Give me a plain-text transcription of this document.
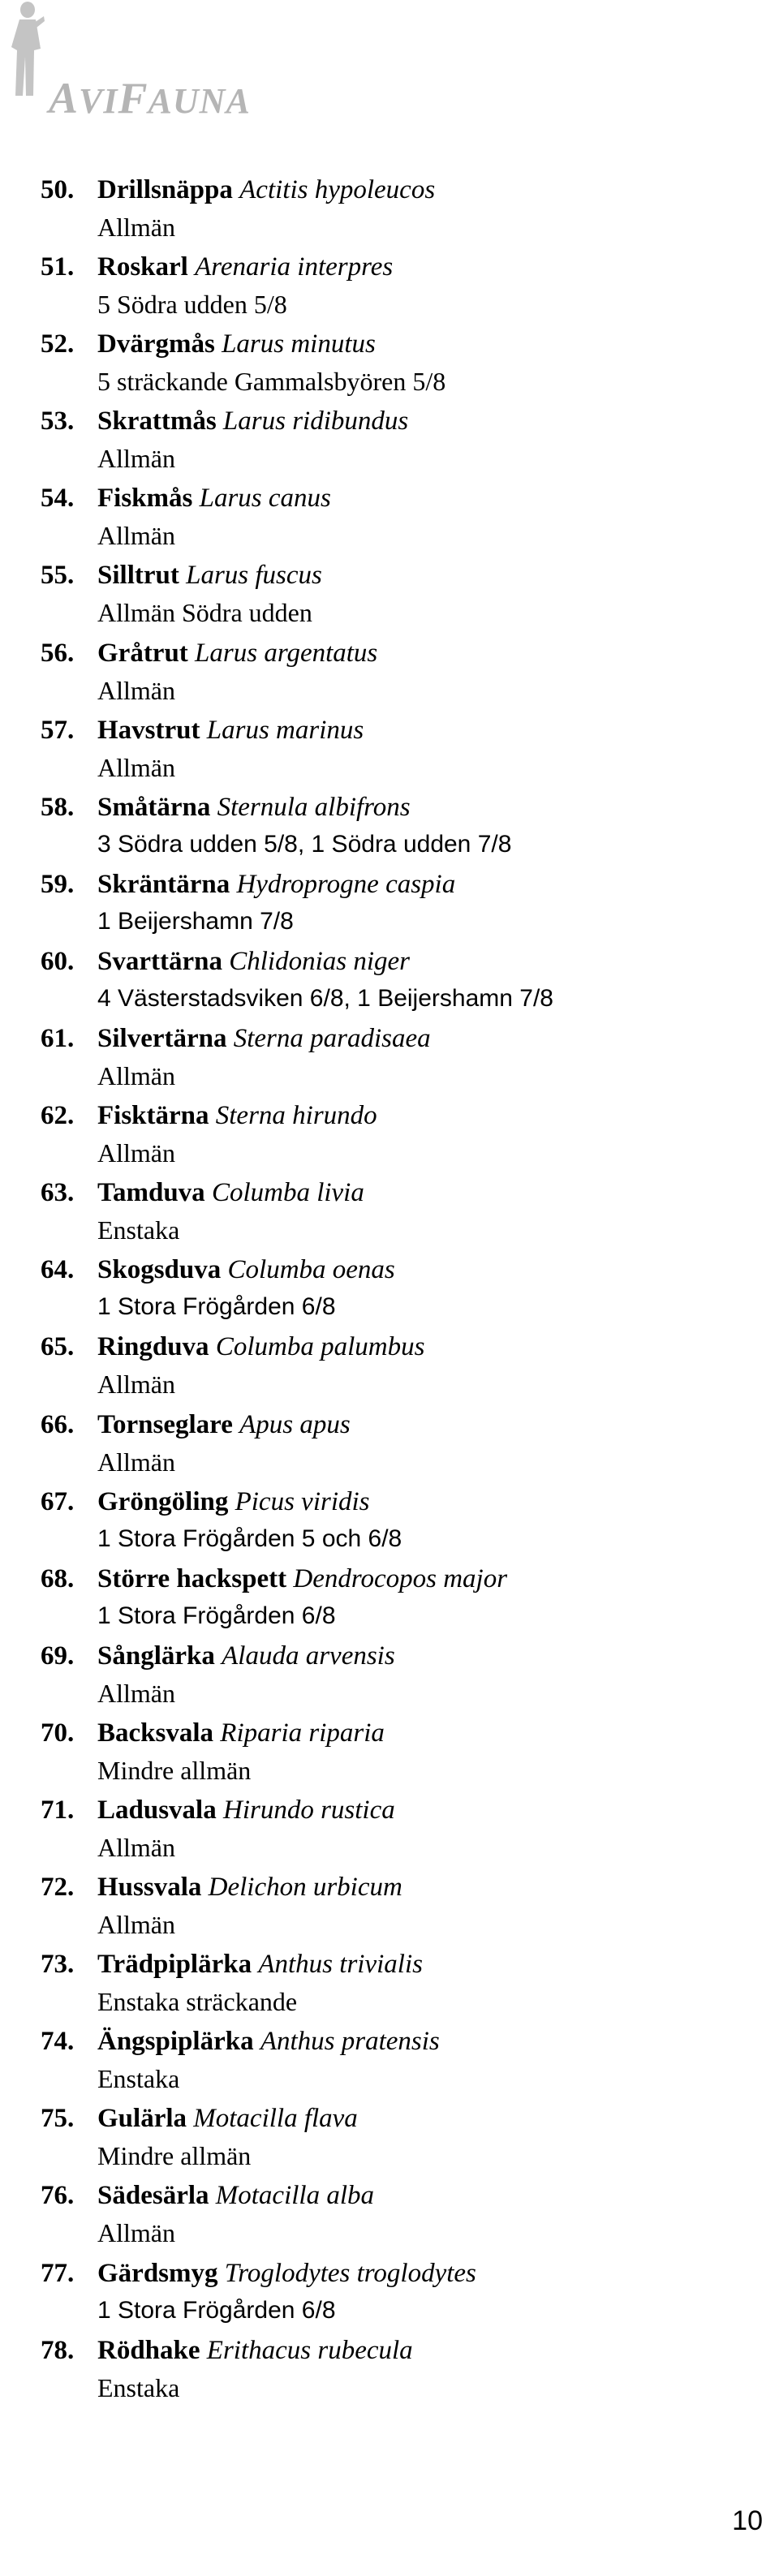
AVIFAUNA
50. Drillsnäppa Actitis hypoleucos
Allmän
51. Roskarl Arenaria interpres
5 Södra udden 5/8
52. Dvärgmås Larus minutus
5 sträckande Gammalsbyören 5/8
53. Skrattmås Larus ridibundus
Allmän
54. Fiskmås Larus canus
Allmän
55. Silltrut Larus fuscus
Allmän Södra udden
56. Gråtrut Larus argentatus
Allmän
57. Havstrut Larus marinus
Allmän
58. Småtärna Sternula albifrons
3 Södra udden 5/8, 1 Södra udden 7/8
59. Skräntärna Hydroprogne caspia
1 Beijershamn 7/8
60. Svarttärna Chlidonias niger
4 Västerstadsviken 6/8, 1 Beijershamn 7/8
61. Silvertärna Sterna paradisaea
Allmän
62. Fisktärna Sterna hirundo
Allmän
63. Tamduva Columba livia
Enstaka
64. Skogsduva Columba oenas
1 Stora Frögården 6/8
65. Ringduva Columba palumbus
Allmän
66. Tornseglare Apus apus
Allmän
67. Gröngöling Picus viridis
1 Stora Frögården 5 och 6/8
68. Större hackspett Dendrocopos major
1 Stora Frögården 6/8
69. Sånglärka Alauda arvensis
Allmän
70. Backsvala Riparia riparia
Mindre allmän
71. Ladusvala Hirundo rustica
Allmän
72. Hussvala Delichon urbicum
Allmän
73. Trädpiplärka Anthus trivialis
Enstaka sträckande
74. Ängspiplärka Anthus pratensis
Enstaka
75. Gulärla Motacilla flava
Mindre allmän
76. Sädesärla Motacilla alba
Allmän
77. Gärdsmyg Troglodytes troglodytes
1 Stora Frögården 6/8
78. Rödhake Erithacus rubecula
Enstaka
10
